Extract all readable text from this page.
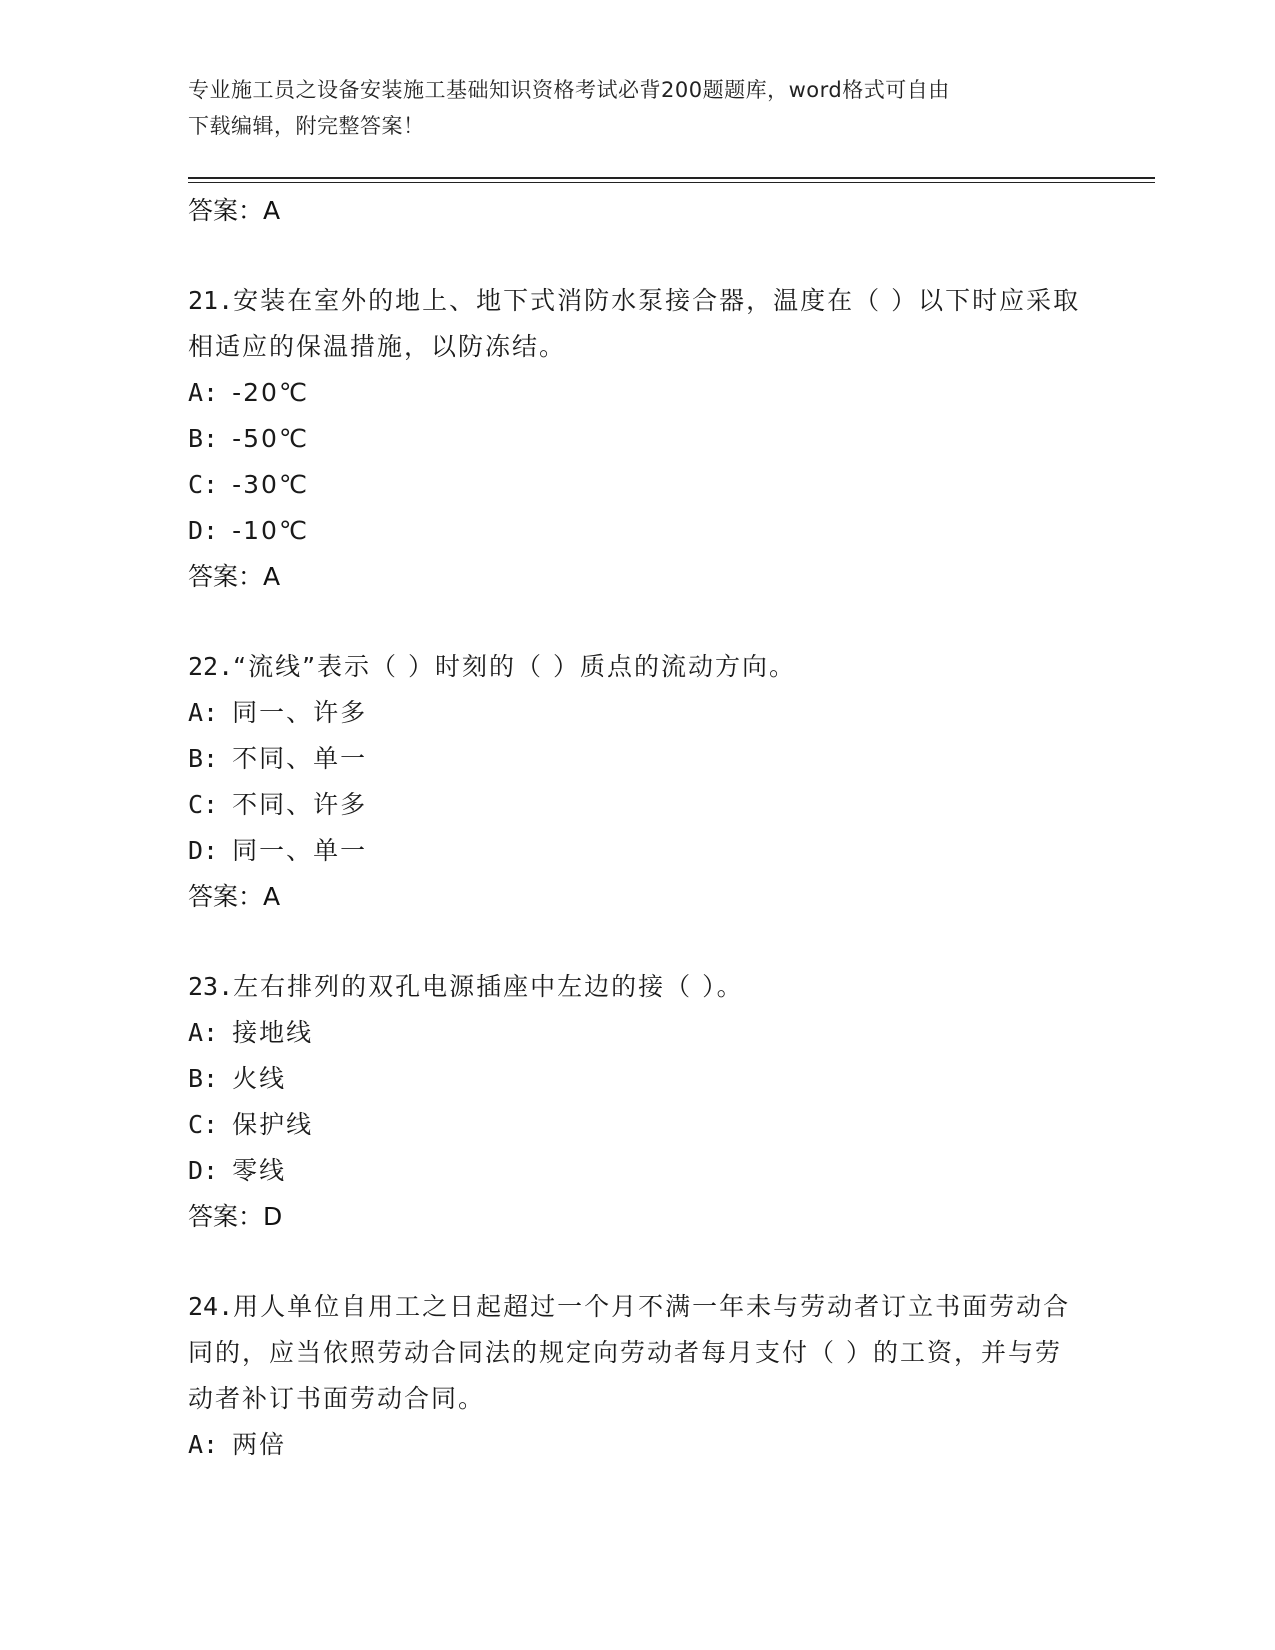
专业施工员之设备安装施工基础知识资格考试必背200题题库，word格式可自由
下载编辑，附完整答案！
答案：A
21.安装在室外的地上、地下式消防水泵接合器，温度在（ ）以下时应采取相适应的保温措施，以防冻结。
A: -20℃
B: -50℃
C: -30℃
D: -10℃
答案：A
22.“流线”表示（ ）时刻的（ ）质点的流动方向。
A: 同一、许多
B: 不同、单一
C: 不同、许多
D: 同一、单一
答案：A
23.左右排列的双孔电源插座中左边的接（ ）。
A: 接地线
B: 火线
C: 保护线
D: 零线
答案：D
24.用人单位自用工之日起超过一个月不满一年未与劳动者订立书面劳动合同的，应当依照劳动合同法的规定向劳动者每月支付（ ）的工资，并与劳动者补订书面劳动合同。
A: 两倍
